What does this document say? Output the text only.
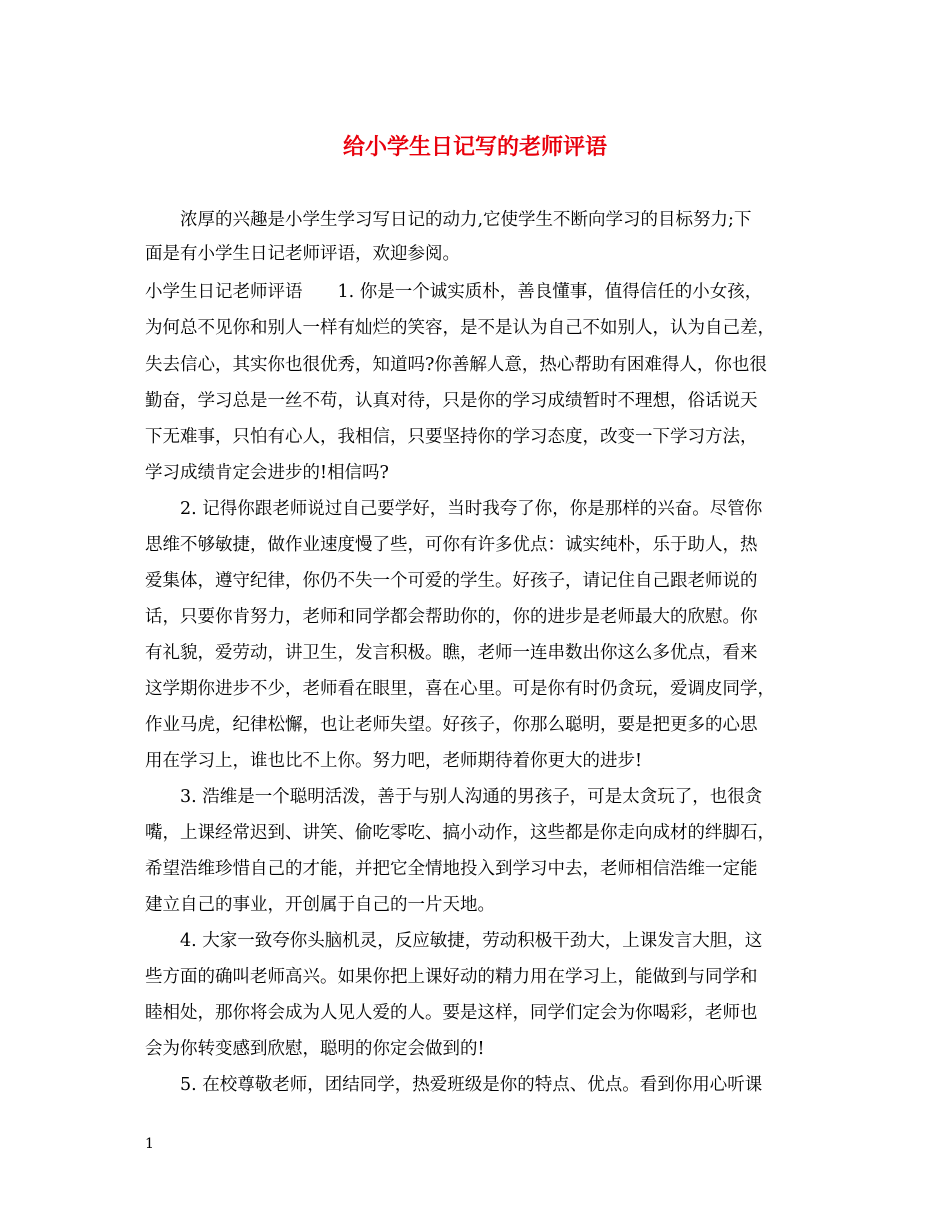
给小学生日记写的老师评语
　　浓厚的兴趣是小学生学习写日记的动力,它使学生不断向学习的目标努力;下
面是有小学生日记老师评语，欢迎参阅。
小学生日记老师评语　　1. 你是一个诚实质朴，善良懂事，值得信任的小女孩，
为何总不见你和别人一样有灿烂的笑容，是不是认为自己不如别人，认为自己差，
失去信心，其实你也很优秀，知道吗?你善解人意，热心帮助有困难得人，你也很
勤奋，学习总是一丝不苟，认真对待，只是你的学习成绩暂时不理想，俗话说天
下无难事，只怕有心人，我相信，只要坚持你的学习态度，改变一下学习方法，
学习成绩肯定会进步的!相信吗?
　　2. 记得你跟老师说过自己要学好，当时我夸了你，你是那样的兴奋。尽管你
思维不够敏捷，做作业速度慢了些，可你有许多优点：诚实纯朴，乐于助人，热
爱集体，遵守纪律，你仍不失一个可爱的学生。好孩子，请记住自己跟老师说的
话，只要你肯努力，老师和同学都会帮助你的，你的进步是老师最大的欣慰。你
有礼貌，爱劳动，讲卫生，发言积极。瞧，老师一连串数出你这么多优点，看来
这学期你进步不少，老师看在眼里，喜在心里。可是你有时仍贪玩，爱调皮同学，
作业马虎，纪律松懈，也让老师失望。好孩子，你那么聪明，要是把更多的心思
用在学习上，谁也比不上你。努力吧，老师期待着你更大的进步!
　　3. 浩维是一个聪明活泼，善于与别人沟通的男孩子，可是太贪玩了，也很贪
嘴，上课经常迟到、讲笑、偷吃零吃、搞小动作，这些都是你走向成材的绊脚石，
希望浩维珍惜自己的才能，并把它全情地投入到学习中去，老师相信浩维一定能
建立自己的事业，开创属于自己的一片天地。
　　4. 大家一致夸你头脑机灵，反应敏捷，劳动积极干劲大，上课发言大胆，这
些方面的确叫老师高兴。如果你把上课好动的精力用在学习上，能做到与同学和
睦相处，那你将会成为人见人爱的人。要是这样，同学们定会为你喝彩，老师也
会为你转变感到欣慰，聪明的你定会做到的!
　　5. 在校尊敬老师，团结同学，热爱班级是你的特点、优点。看到你用心听课
1
